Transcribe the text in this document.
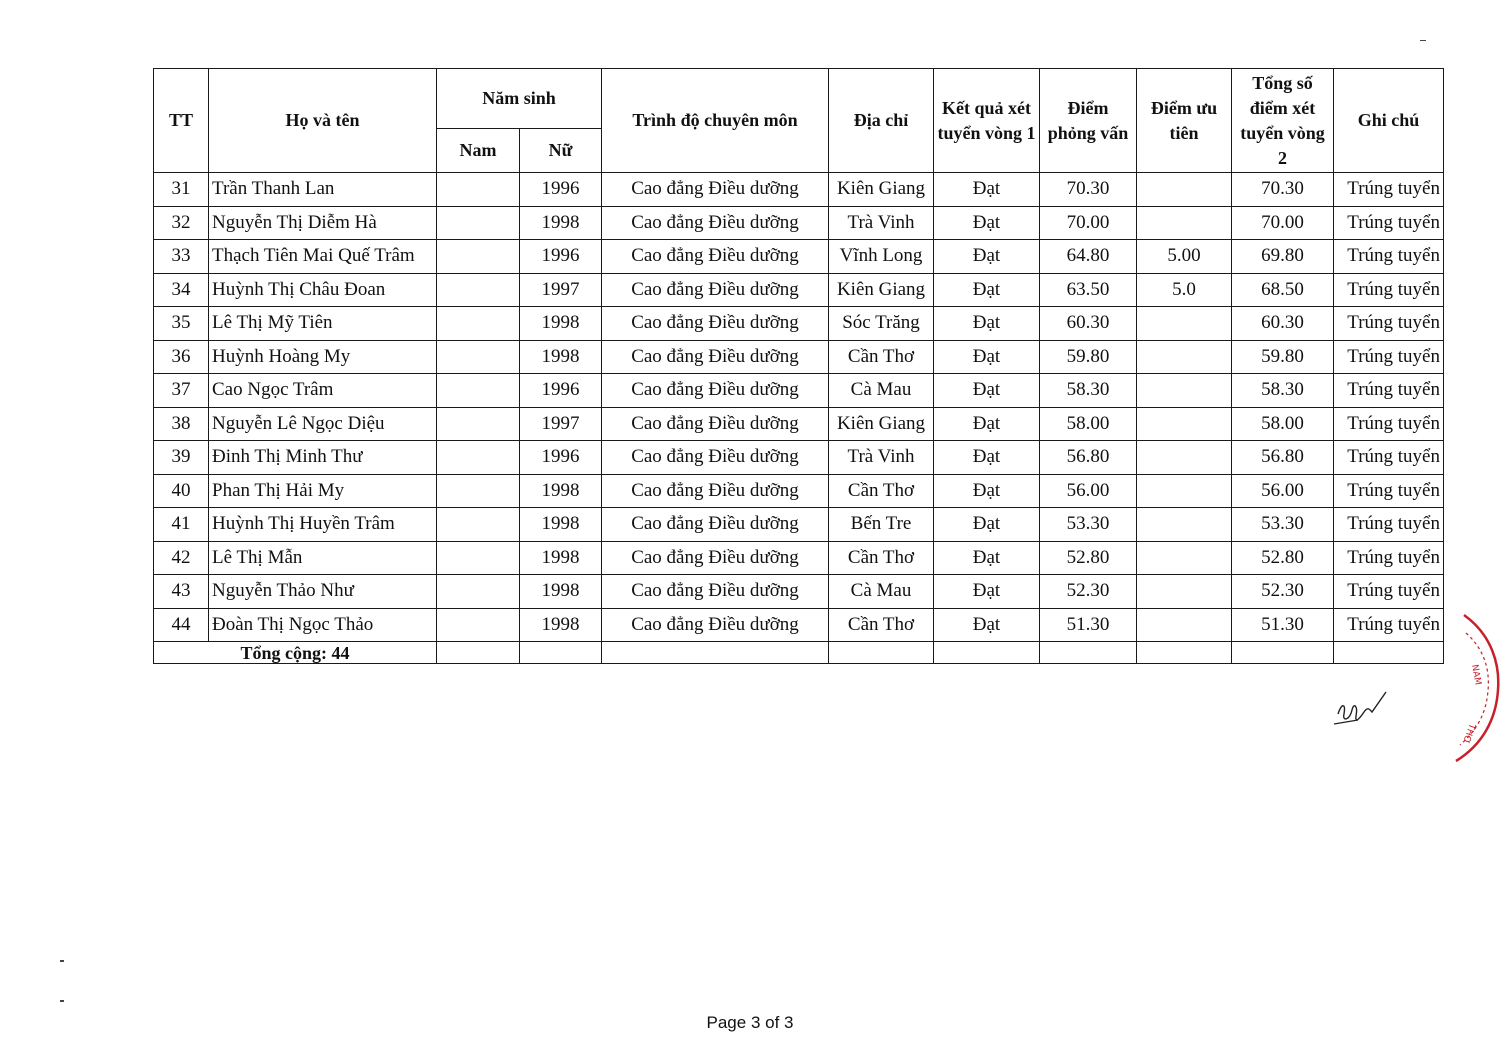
TT	Họ và tên	Năm sinh		Trình độ chuyên môn	Địa chỉ	Kết quả xét tuyển vòng 1	Điểm phỏng vấn	Điểm ưu tiên	Tổng số điểm xét tuyển vòng 2	Ghi chú
		Nam	Nữ							
31	Trần Thanh Lan		1996	Cao đẳng Điều dưỡng	Kiên Giang	Đạt	70.30		70.30	Trúng tuyển
32	Nguyễn Thị Diễm Hà		1998	Cao đẳng Điều dưỡng	Trà Vinh	Đạt	70.00		70.00	Trúng tuyển
33	Thạch Tiên Mai Quế Trâm		1996	Cao đẳng Điều dưỡng	Vĩnh Long	Đạt	64.80	5.00	69.80	Trúng tuyển
34	Huỳnh Thị Châu Đoan		1997	Cao đẳng Điều dưỡng	Kiên Giang	Đạt	63.50	5.0	68.50	Trúng tuyển
35	Lê Thị Mỹ Tiên		1998	Cao đẳng Điều dưỡng	Sóc Trăng	Đạt	60.30		60.30	Trúng tuyển
36	Huỳnh Hoàng My		1998	Cao đẳng Điều dưỡng	Cần Thơ	Đạt	59.80		59.80	Trúng tuyển
37	Cao Ngọc Trâm		1996	Cao đẳng Điều dưỡng	Cà Mau	Đạt	58.30		58.30	Trúng tuyển
38	Nguyễn Lê Ngọc Diệu		1997	Cao đẳng Điều dưỡng	Kiên Giang	Đạt	58.00		58.00	Trúng tuyển
39	Đinh Thị Minh Thư		1996	Cao đẳng Điều dưỡng	Trà Vinh	Đạt	56.80		56.80	Trúng tuyển
40	Phan Thị Hải My		1998	Cao đẳng Điều dưỡng	Cần Thơ	Đạt	56.00		56.00	Trúng tuyển
41	Huỳnh Thị Huyền Trâm		1998	Cao đẳng Điều dưỡng	Bến Tre	Đạt	53.30		53.30	Trúng tuyển
42	Lê Thị Mẫn		1998	Cao đẳng Điều dưỡng	Cần Thơ	Đạt	52.80		52.80	Trúng tuyển
43	Nguyễn Thảo Như		1998	Cao đẳng Điều dưỡng	Cà Mau	Đạt	52.30		52.30	Trúng tuyển
44	Đoàn Thị Ngọc Thảo		1998	Cao đẳng Điều dưỡng	Cần Thơ	Đạt	51.30		51.30	Trúng tuyển
Tổng cộng: 44										
NAM
THƠ
Page 3 of 3
